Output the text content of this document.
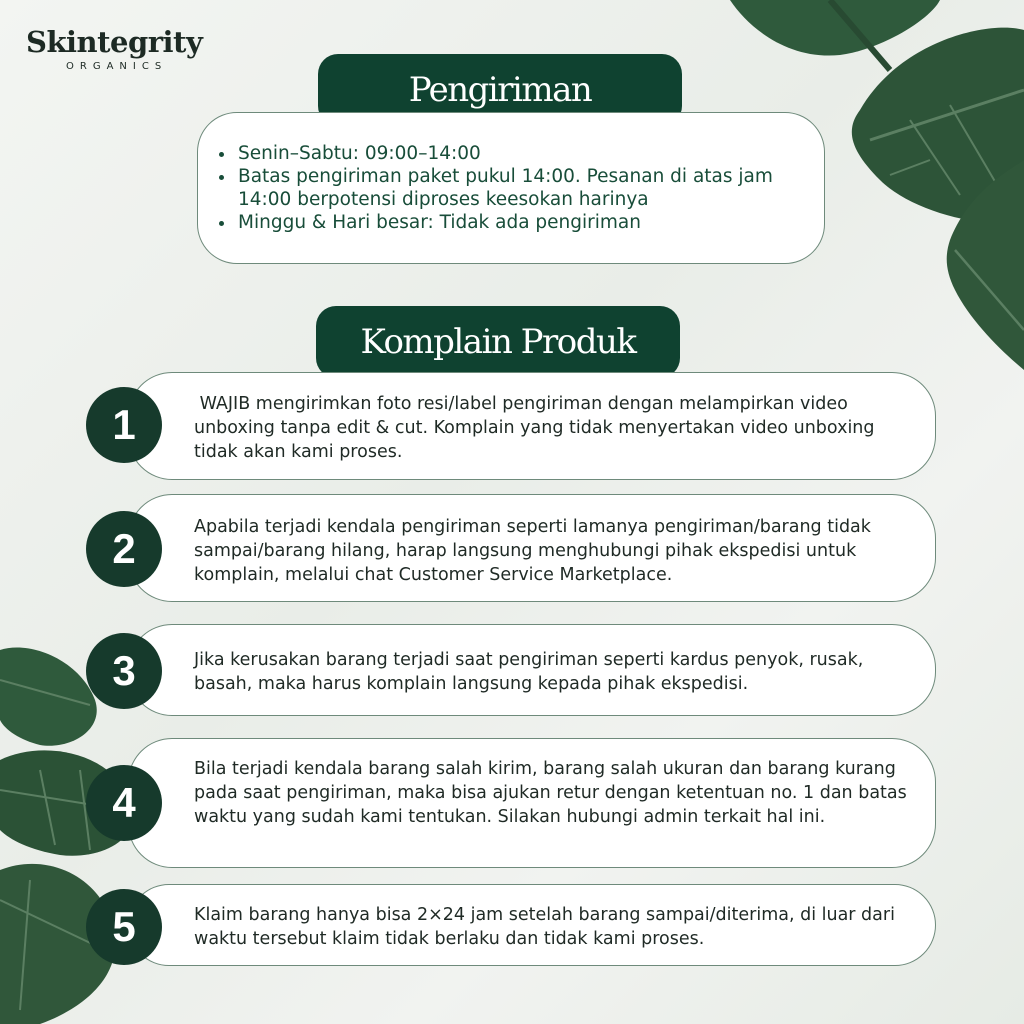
Skintegrity
ORGANICS
Pengiriman
• Senin–Sabtu: 09:00–14:00
• Batas pengiriman paket pukul 14:00. Pesanan di atas jam 14:00 berpotensi diproses keesokan harinya
• Minggu & Hari besar: Tidak ada pengiriman
Komplain Produk
1	WAJIB mengirimkan foto resi/label pengiriman dengan melampirkan video unboxing tanpa edit & cut. Komplain yang tidak menyertakan video unboxing tidak akan kami proses.

2	Apabila terjadi kendala pengiriman seperti lamanya pengiriman/barang tidak sampai/barang hilang, harap langsung menghubungi pihak ekspedisi untuk komplain, melalui chat Customer Service Marketplace.

3	Jika kerusakan barang terjadi saat pengiriman seperti kardus penyok, rusak, basah, maka harus komplain langsung kepada pihak ekspedisi.

4

Bila terjadi kendala barang salah kirim, barang salah ukuran dan barang kurang pada saat pengiriman, maka bisa ajukan retur dengan ketentuan no. 1 dan batas waktu yang sudah kami tentukan. Silakan hubungi admin terkait hal ini.

5	Klaim barang hanya bisa 2×24 jam setelah barang sampai/diterima, di luar dari waktu tersebut klaim tidak berlaku dan tidak kami proses.
